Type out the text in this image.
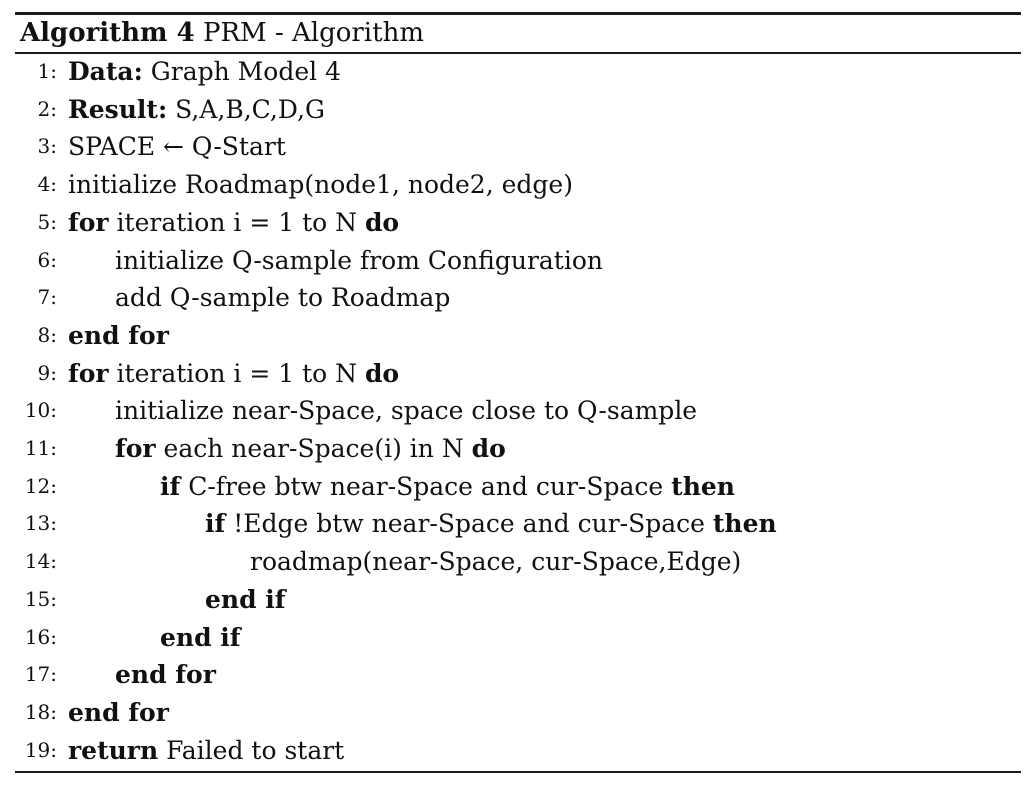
Algorithm 4 PRM - Algorithm
1: Data: Graph Model 4
2: Result: S,A,B,C,D,G
3: SPACE ← Q-Start
4: initialize Roadmap(node1, node2, edge)
5: for iteration i = 1 to N do
6: initialize Q-sample from Configuration
7: add Q-sample to Roadmap
8: end for
9: for iteration i = 1 to N do
10: initialize near-Space, space close to Q-sample
11: for each near-Space(i) in N do
12:	if C-free btw near-Space and cur-Space then
13:	if !Edge btw near-Space and cur-Space then
14:	roadmap(near-Space, cur-Space,Edge)
15:	end if
16:	end if
17: end for
18: end for
19: return Failed to start
